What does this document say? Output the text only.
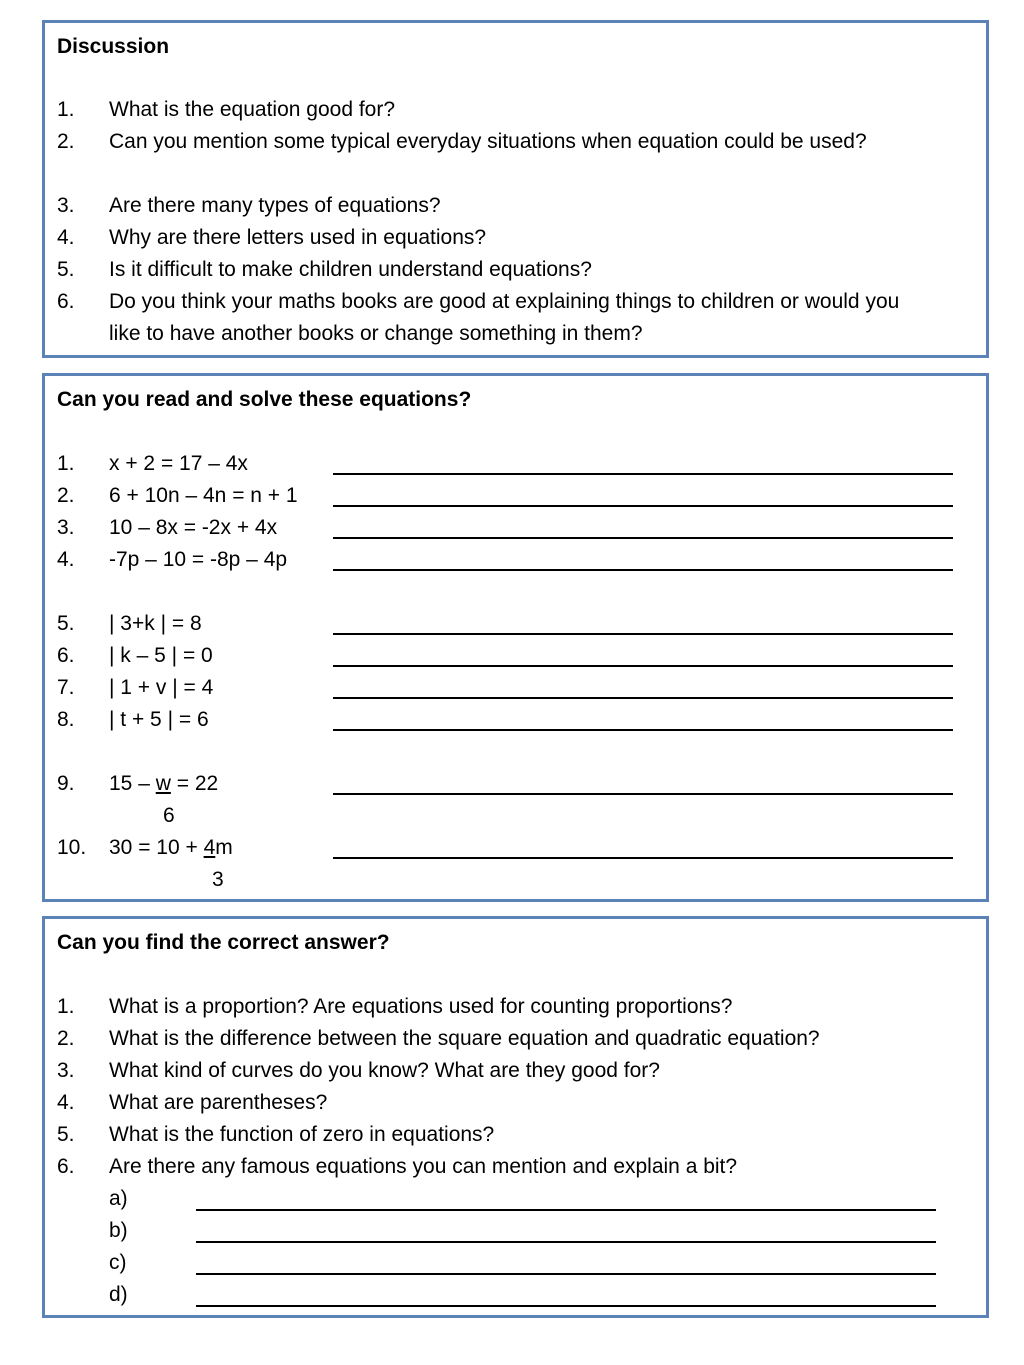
Discussion
1. What is the equation good for?
2. Can you mention some typical everyday situations when equation could be used?
3. Are there many types of equations?
4. Why are there letters used in equations?
5. Is it difficult to make children understand equations?
6. Do you think your maths books are good at explaining things to children or would you like to have another books or change something in them?
Can you read and solve these equations?
1. x + 2 = 17 – 4x
2. 6 + 10n – 4n = n + 1
3. 10 – 8x = -2x + 4x
4. -7p – 10 = -8p – 4p
5. | 3+k | = 8
6. | k – 5 | = 0
7. | 1 + v | = 4
8. | t + 5 | = 6
9. 15 – w = 22
6
10. 30 = 10 + 4m
3
Can you find the correct answer?
1. What is a proportion? Are equations used for counting proportions?
2. What is the difference between the square equation and quadratic equation?
3. What kind of curves do you know? What are they good for?
4. What are parentheses?
5. What is the function of zero in equations?
6. Are there any famous equations you can mention and explain a bit?
a)
b)
c)
d)
